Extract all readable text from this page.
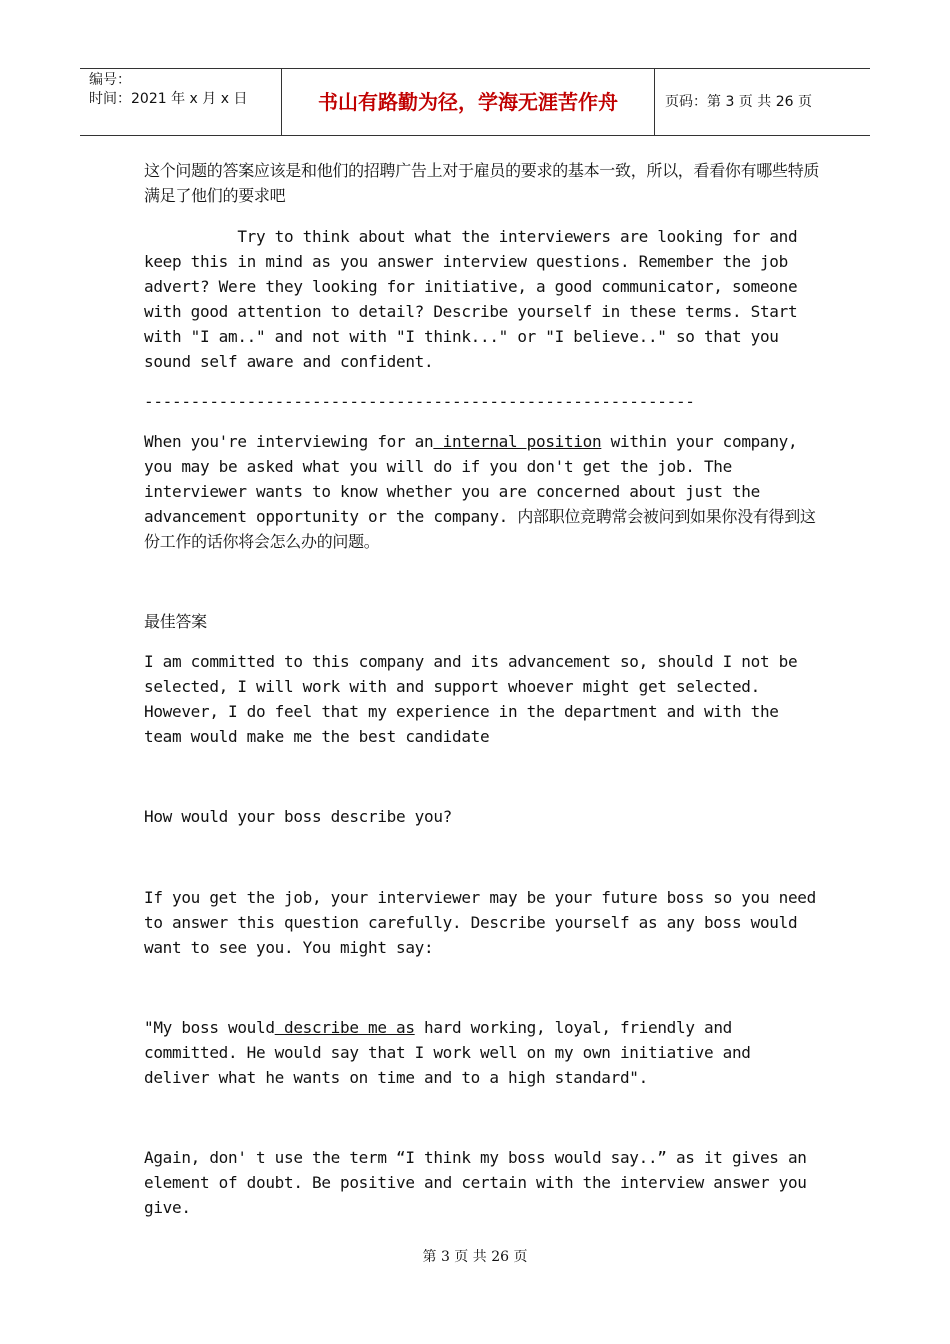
编号：
时间：2021 年 x 月 x 日	书山有路勤为径，学海无涯苦作舟	页码：第 3 页 共 26 页

这个问题的答案应该是和他们的招聘广告上对于雇员的要求的基本一致，所以，看看你有哪些特质满足了他们的要求吧

Try to think about what the interviewers are looking for and keep this in mind as you answer interview questions. Remember the job advert? Were they looking for initiative, a good communicator, someone with good attention to detail? Describe yourself in these terms. Start with "I am.." and not with "I think..." or "I believe.." so that you sound self aware and confident.

-----------------------------------------------------------

When you're interviewing for an internal position within your company, you may be asked what you will do if you don't get the job. The interviewer wants to know whether you are concerned about just the advancement opportunity or the company. 内部职位竞聘常会被问到如果你没有得到这份工作的话你将会怎么办的问题。

最佳答案

I am committed to this company and its advancement so, should I not be selected, I will work with and support whoever might get selected. However, I do feel that my experience in the department and with the team would make me the best candidate

How would your boss describe you?

If you get the job, your interviewer may be your future boss so you need to answer this question carefully. Describe yourself as any boss would want to see you. You might say:

"My boss would describe me as hard working, loyal, friendly and committed. He would say that I work well on my own initiative and deliver what he wants on time and to a high standard".

Again, don' t use the term “I think my boss would say..” as it gives an element of doubt. Be positive and certain with the interview answer you give.

第 3 页 共 26 页
